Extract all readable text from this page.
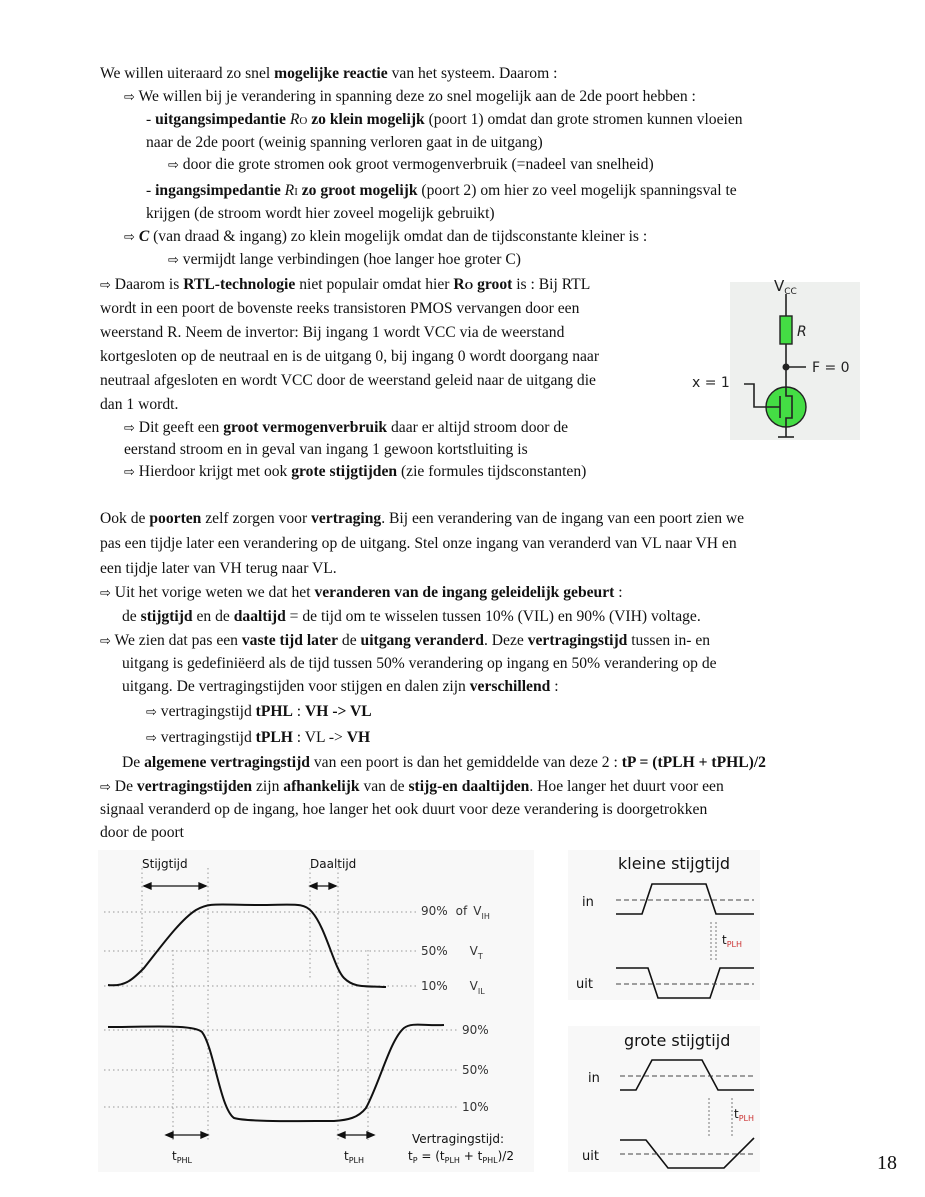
We willen uiteraard zo snel mogelijke reactie van het systeem. Daarom :
⇨ We willen bij je verandering in spanning deze zo snel mogelijk aan de 2de poort hebben :
- uitgangsimpedantie RO zo klein mogelijk (poort 1) omdat dan grote stromen kunnen vloeien
naar de 2de poort (weinig spanning verloren gaat in de uitgang)
⇨ door die grote stromen ook groot vermogenverbruik (=nadeel van snelheid)
- ingangsimpedantie RI zo groot mogelijk (poort 2) om hier zo veel mogelijk spanningsval te
krijgen (de stroom wordt hier zoveel mogelijk gebruikt)
⇨ C (van draad & ingang) zo klein mogelijk omdat dan de tijdsconstante kleiner is :
⇨ vermijdt lange verbindingen (hoe langer hoe groter C)
⇨ Daarom is RTL-technologie niet populair omdat hier RO groot is : Bij RTL
wordt in een poort de bovenste reeks transistoren PMOS vervangen door een
weerstand R. Neem de invertor: Bij ingang 1 wordt VCC via de weerstand
kortgesloten op de neutraal en is de uitgang 0, bij ingang 0 wordt doorgang naar
neutraal afgesloten en wordt VCC door de weerstand geleid naar de uitgang die
dan 1 wordt.
⇨ Dit geeft een groot vermogenverbruik daar er altijd stroom door de
eerstand stroom en in geval van ingang 1 gewoon kortstluiting is
⇨ Hierdoor krijgt met ook grote stijgtijden (zie formules tijdsconstanten)
Ook de poorten zelf zorgen voor vertraging. Bij een verandering van de ingang van een poort zien we
pas een tijdje later een verandering op de uitgang. Stel onze ingang van veranderd van VL naar VH en
een tijdje later van VH terug naar VL.
⇨ Uit het vorige weten we dat het veranderen van de ingang geleidelijk gebeurt :
de stijgtijd en de daaltijd = de tijd om te wisselen tussen 10% (VIL) en 90% (VIH) voltage.
⇨ We zien dat pas een vaste tijd later de uitgang veranderd. Deze vertragingstijd tussen in- en
uitgang is gedefiniëerd als de tijd tussen 50% verandering op ingang en 50% verandering op de
uitgang. De vertragingstijden voor stijgen en dalen zijn verschillend :
⇨ vertragingstijd tPHL : VH -> VL
⇨ vertragingstijd tPLH : VL -> VH
De algemene vertragingstijd van een poort is dan het gemiddelde van deze 2 : tP = (tPLH + tPHL)/2
⇨ De vertragingstijden zijn afhankelijk van de stijg-en daaltijden. Hoe langer het duurt voor een
signaal veranderd op de ingang, hoe langer het ook duurt voor deze verandering is doorgetrokken
door de poort
$V_{CC}$
R
F = 0
x = 1
Stijgtijd	Daaltijd
90% of $V_{IH}$
50% $V_T$
10% $V_{IL}$
90%
50%
10%
$t_{PHL}$	$t_{PLH}$
Vertragingstijd:
$t_P = (t_{PLH} + t_{PHL})/2$
kleine stijgtijd
in
uit
$t_{PLH}$
grote stijgtijd
in
uit
$t_{PLH}$
18
